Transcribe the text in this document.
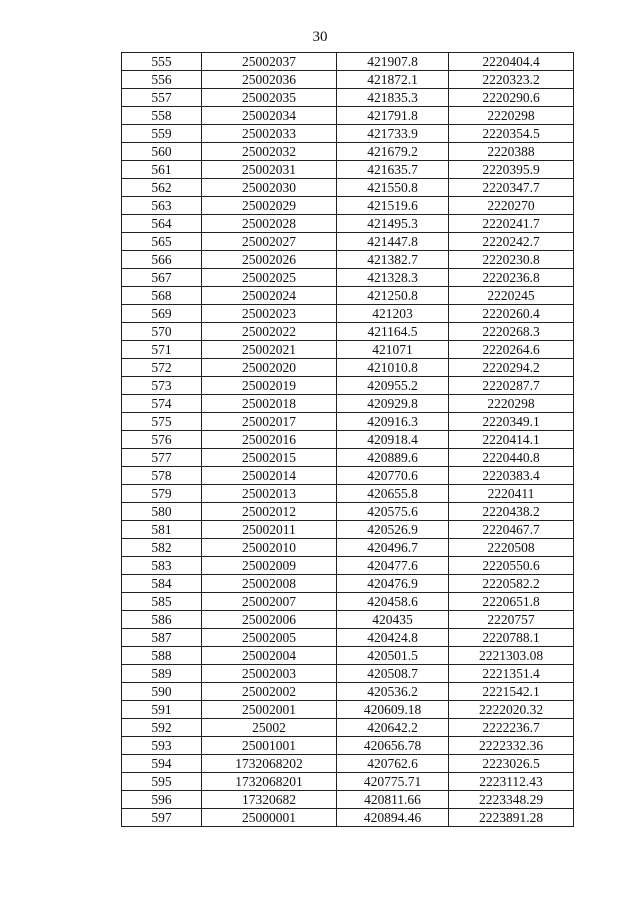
30
555	25002037	421907.8	2220404.4
556	25002036	421872.1	2220323.2
557	25002035	421835.3	2220290.6
558	25002034	421791.8	2220298
559	25002033	421733.9	2220354.5
560	25002032	421679.2	2220388
561	25002031	421635.7	2220395.9
562	25002030	421550.8	2220347.7
563	25002029	421519.6	2220270
564	25002028	421495.3	2220241.7
565	25002027	421447.8	2220242.7
566	25002026	421382.7	2220230.8
567	25002025	421328.3	2220236.8
568	25002024	421250.8	2220245
569	25002023	421203	2220260.4
570	25002022	421164.5	2220268.3
571	25002021	421071	2220264.6
572	25002020	421010.8	2220294.2
573	25002019	420955.2	2220287.7
574	25002018	420929.8	2220298
575	25002017	420916.3	2220349.1
576	25002016	420918.4	2220414.1
577	25002015	420889.6	2220440.8
578	25002014	420770.6	2220383.4
579	25002013	420655.8	2220411
580	25002012	420575.6	2220438.2
581	25002011	420526.9	2220467.7
582	25002010	420496.7	2220508
583	25002009	420477.6	2220550.6
584	25002008	420476.9	2220582.2
585	25002007	420458.6	2220651.8
586	25002006	420435	2220757
587	25002005	420424.8	2220788.1
588	25002004	420501.5	2221303.08
589	25002003	420508.7	2221351.4
590	25002002	420536.2	2221542.1
591	25002001	420609.18	2222020.32
592	25002	420642.2	2222236.7
593	25001001	420656.78	2222332.36
594	1732068202	420762.6	2223026.5
595	1732068201	420775.71	2223112.43
596	17320682	420811.66	2223348.29
597	25000001	420894.46	2223891.28
